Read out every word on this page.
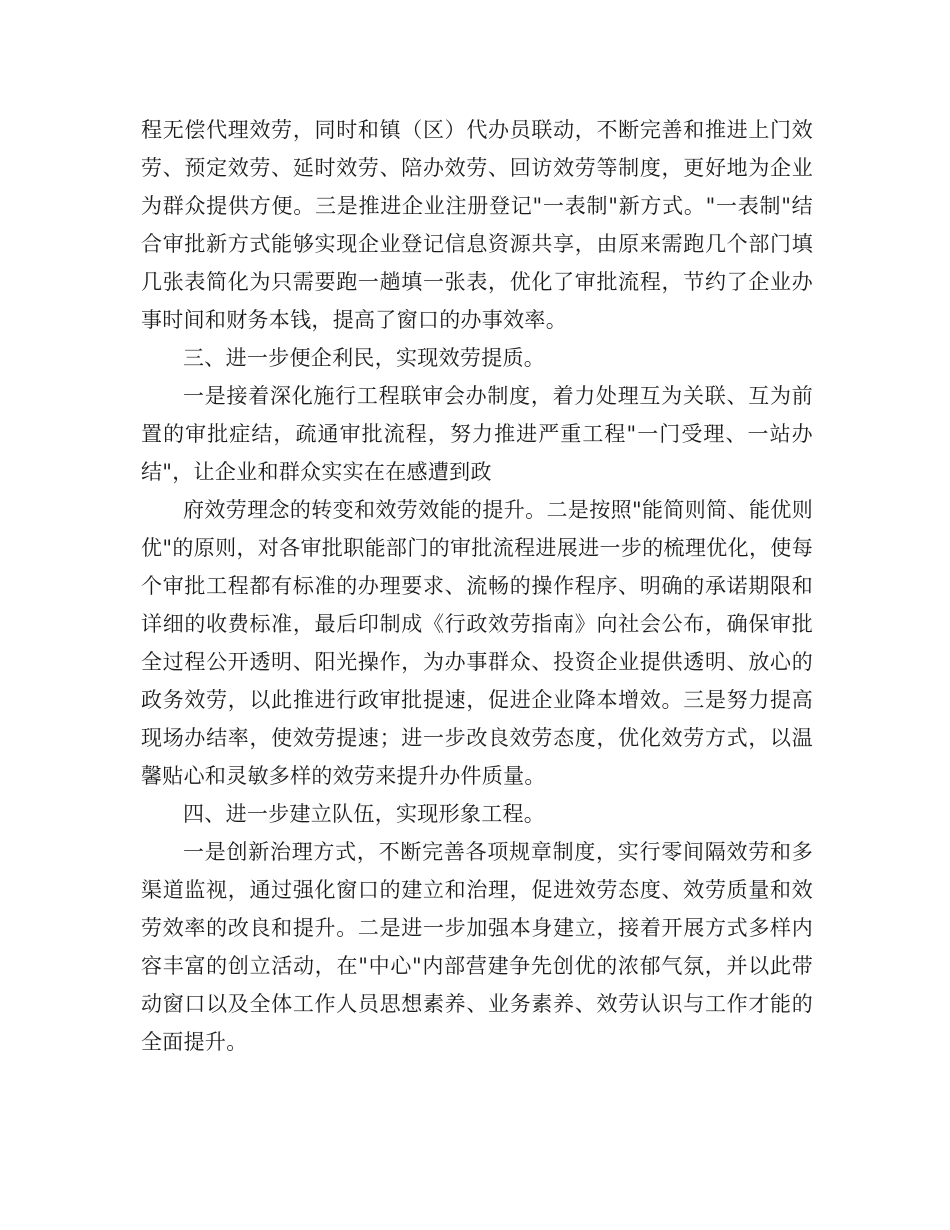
程无偿代理效劳，同时和镇（区）代办员联动，不断完善和推进上门效劳、预定效劳、延时效劳、陪办效劳、回访效劳等制度，更好地为企业为群众提供方便。三是推进企业注册登记"一表制"新方式。"一表制"结合审批新方式能够实现企业登记信息资源共享，由原来需跑几个部门填几张表简化为只需要跑一趟填一张表，优化了审批流程，节约了企业办事时间和财务本钱，提高了窗口的办事效率。

三、进一步便企利民，实现效劳提质。

一是接着深化施行工程联审会办制度，着力处理互为关联、互为前置的审批症结，疏通审批流程，努力推进严重工程"一门受理、一站办结"，让企业和群众实实在在感遭到政

府效劳理念的转变和效劳效能的提升。二是按照"能简则简、能优则优"的原则，对各审批职能部门的审批流程进展进一步的梳理优化，使每个审批工程都有标准的办理要求、流畅的操作程序、明确的承诺期限和详细的收费标准，最后印制成《行政效劳指南》向社会公布，确保审批全过程公开透明、阳光操作，为办事群众、投资企业提供透明、放心的政务效劳，以此推进行政审批提速，促进企业降本增效。三是努力提高现场办结率，使效劳提速；进一步改良效劳态度，优化效劳方式，以温馨贴心和灵敏多样的效劳来提升办件质量。

四、进一步建立队伍，实现形象工程。

一是创新治理方式，不断完善各项规章制度，实行零间隔效劳和多渠道监视，通过强化窗口的建立和治理，促进效劳态度、效劳质量和效劳效率的改良和提升。二是进一步加强本身建立，接着开展方式多样内容丰富的创立活动，在"中心"内部营建争先创优的浓郁气氛，并以此带动窗口以及全体工作人员思想素养、业务素养、效劳认识与工作才能的全面提升。
